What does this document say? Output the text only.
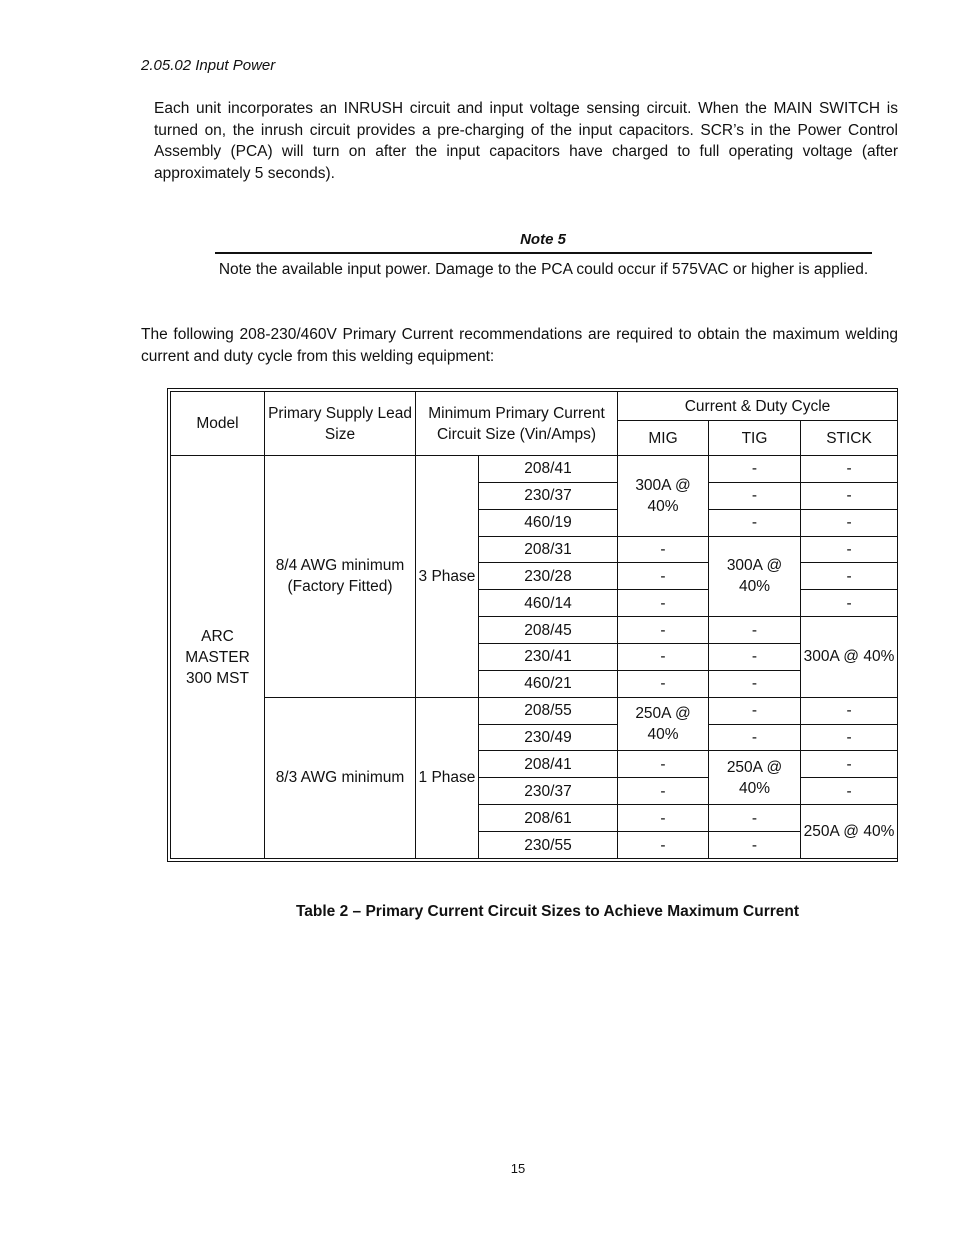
2.05.02 Input Power
Each unit incorporates an INRUSH circuit and input voltage sensing circuit. When the MAIN SWITCH is turned on, the inrush circuit provides a pre-charging of the input capacitors. SCR’s in the Power Control Assembly (PCA) will turn on after the input capacitors have charged to full operating voltage (after approximately 5 seconds).
Note 5
Note the available input power. Damage to the PCA could occur if 575VAC or higher is applied.
The following 208-230/460V Primary Current recommendations are required to obtain the maximum welding current and duty cycle from this welding equipment:
Model	Primary Supply Lead Size	Minimum Primary Current Circuit Size (Vin/Amps)		Current & Duty Cycle		
				MIG	TIG	STICK
ARC MASTER 300 MST	8/4 AWG minimum (Factory Fitted)	3 Phase	208/41	300A @ 40%	-	-
			230/37		-	-
			460/19		-	-
			208/31	-	300A @ 40%	-
			230/28	-		-
			460/14	-		-
			208/45	-	-	300A @ 40%
			230/41	-	-	
			460/21	-	-	
	8/3 AWG minimum	1 Phase	208/55	250A @ 40%	-	-
			230/49		-	-
			208/41	-	250A @ 40%	-
			230/37	-		-
			208/61	-	-	250A @ 40%
			230/55	-	-	
Table 2 – Primary Current Circuit Sizes to Achieve Maximum Current
15
